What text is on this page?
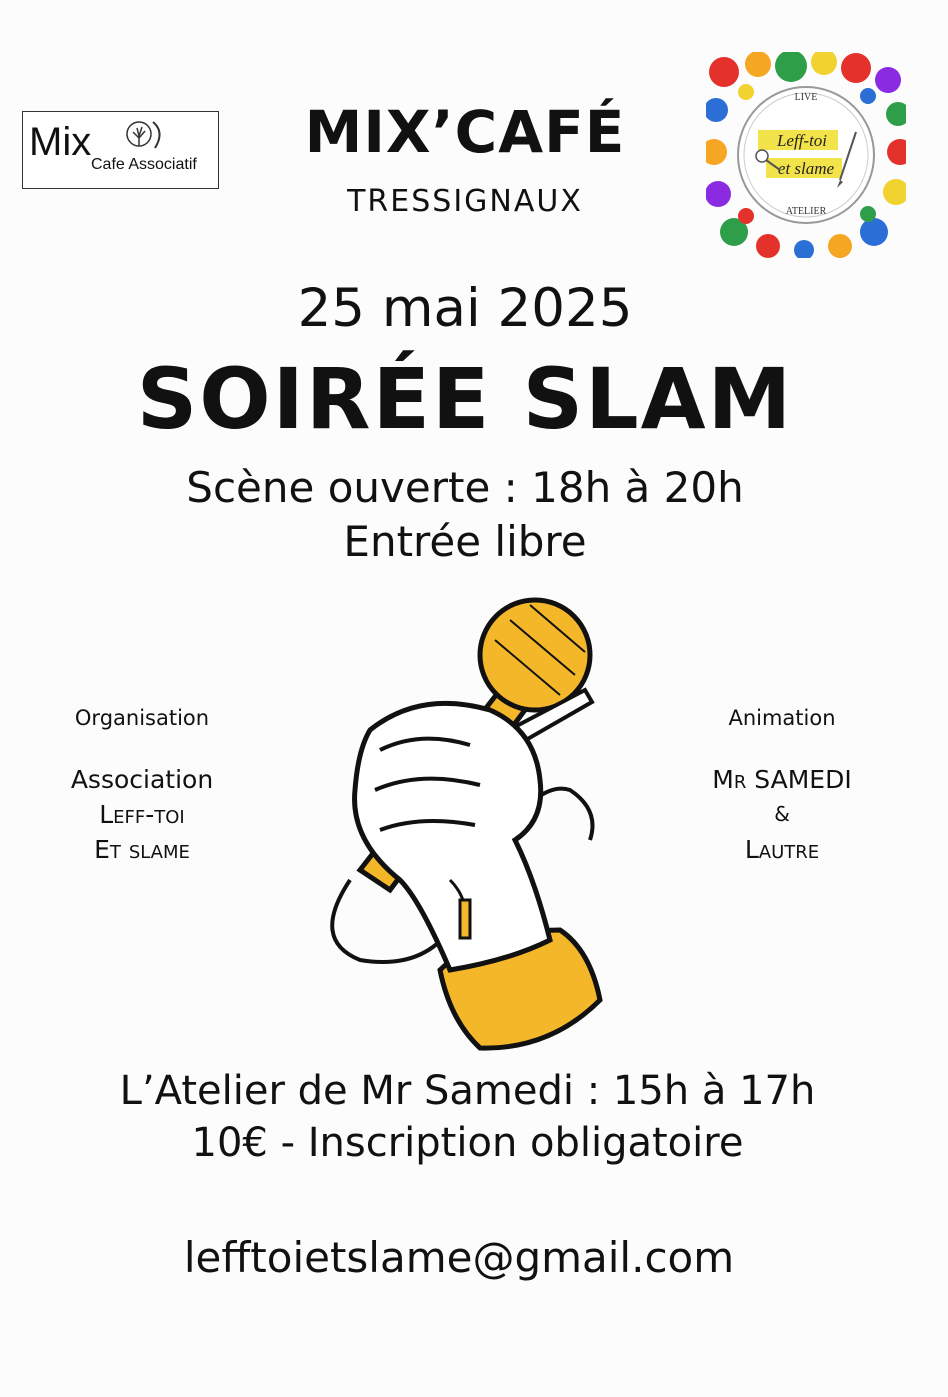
Mix
Cafe Associatif	MIX’CAFÉ
TRESSIGNAUX
LIVE
Leff-toi
et slame
ATELIER
25 mai 2025
SOIRÉE SLAM
Scène ouverte : 18h à 20h
Entrée libre
Organisation
Association
Leff-toi
Et slame
Animation
Mr SAMEDI
&
Lautre
L’Atelier de Mr Samedi : 15h à 17h
10€ - Inscription obligatoire
lefftoietslame@gmail.com
